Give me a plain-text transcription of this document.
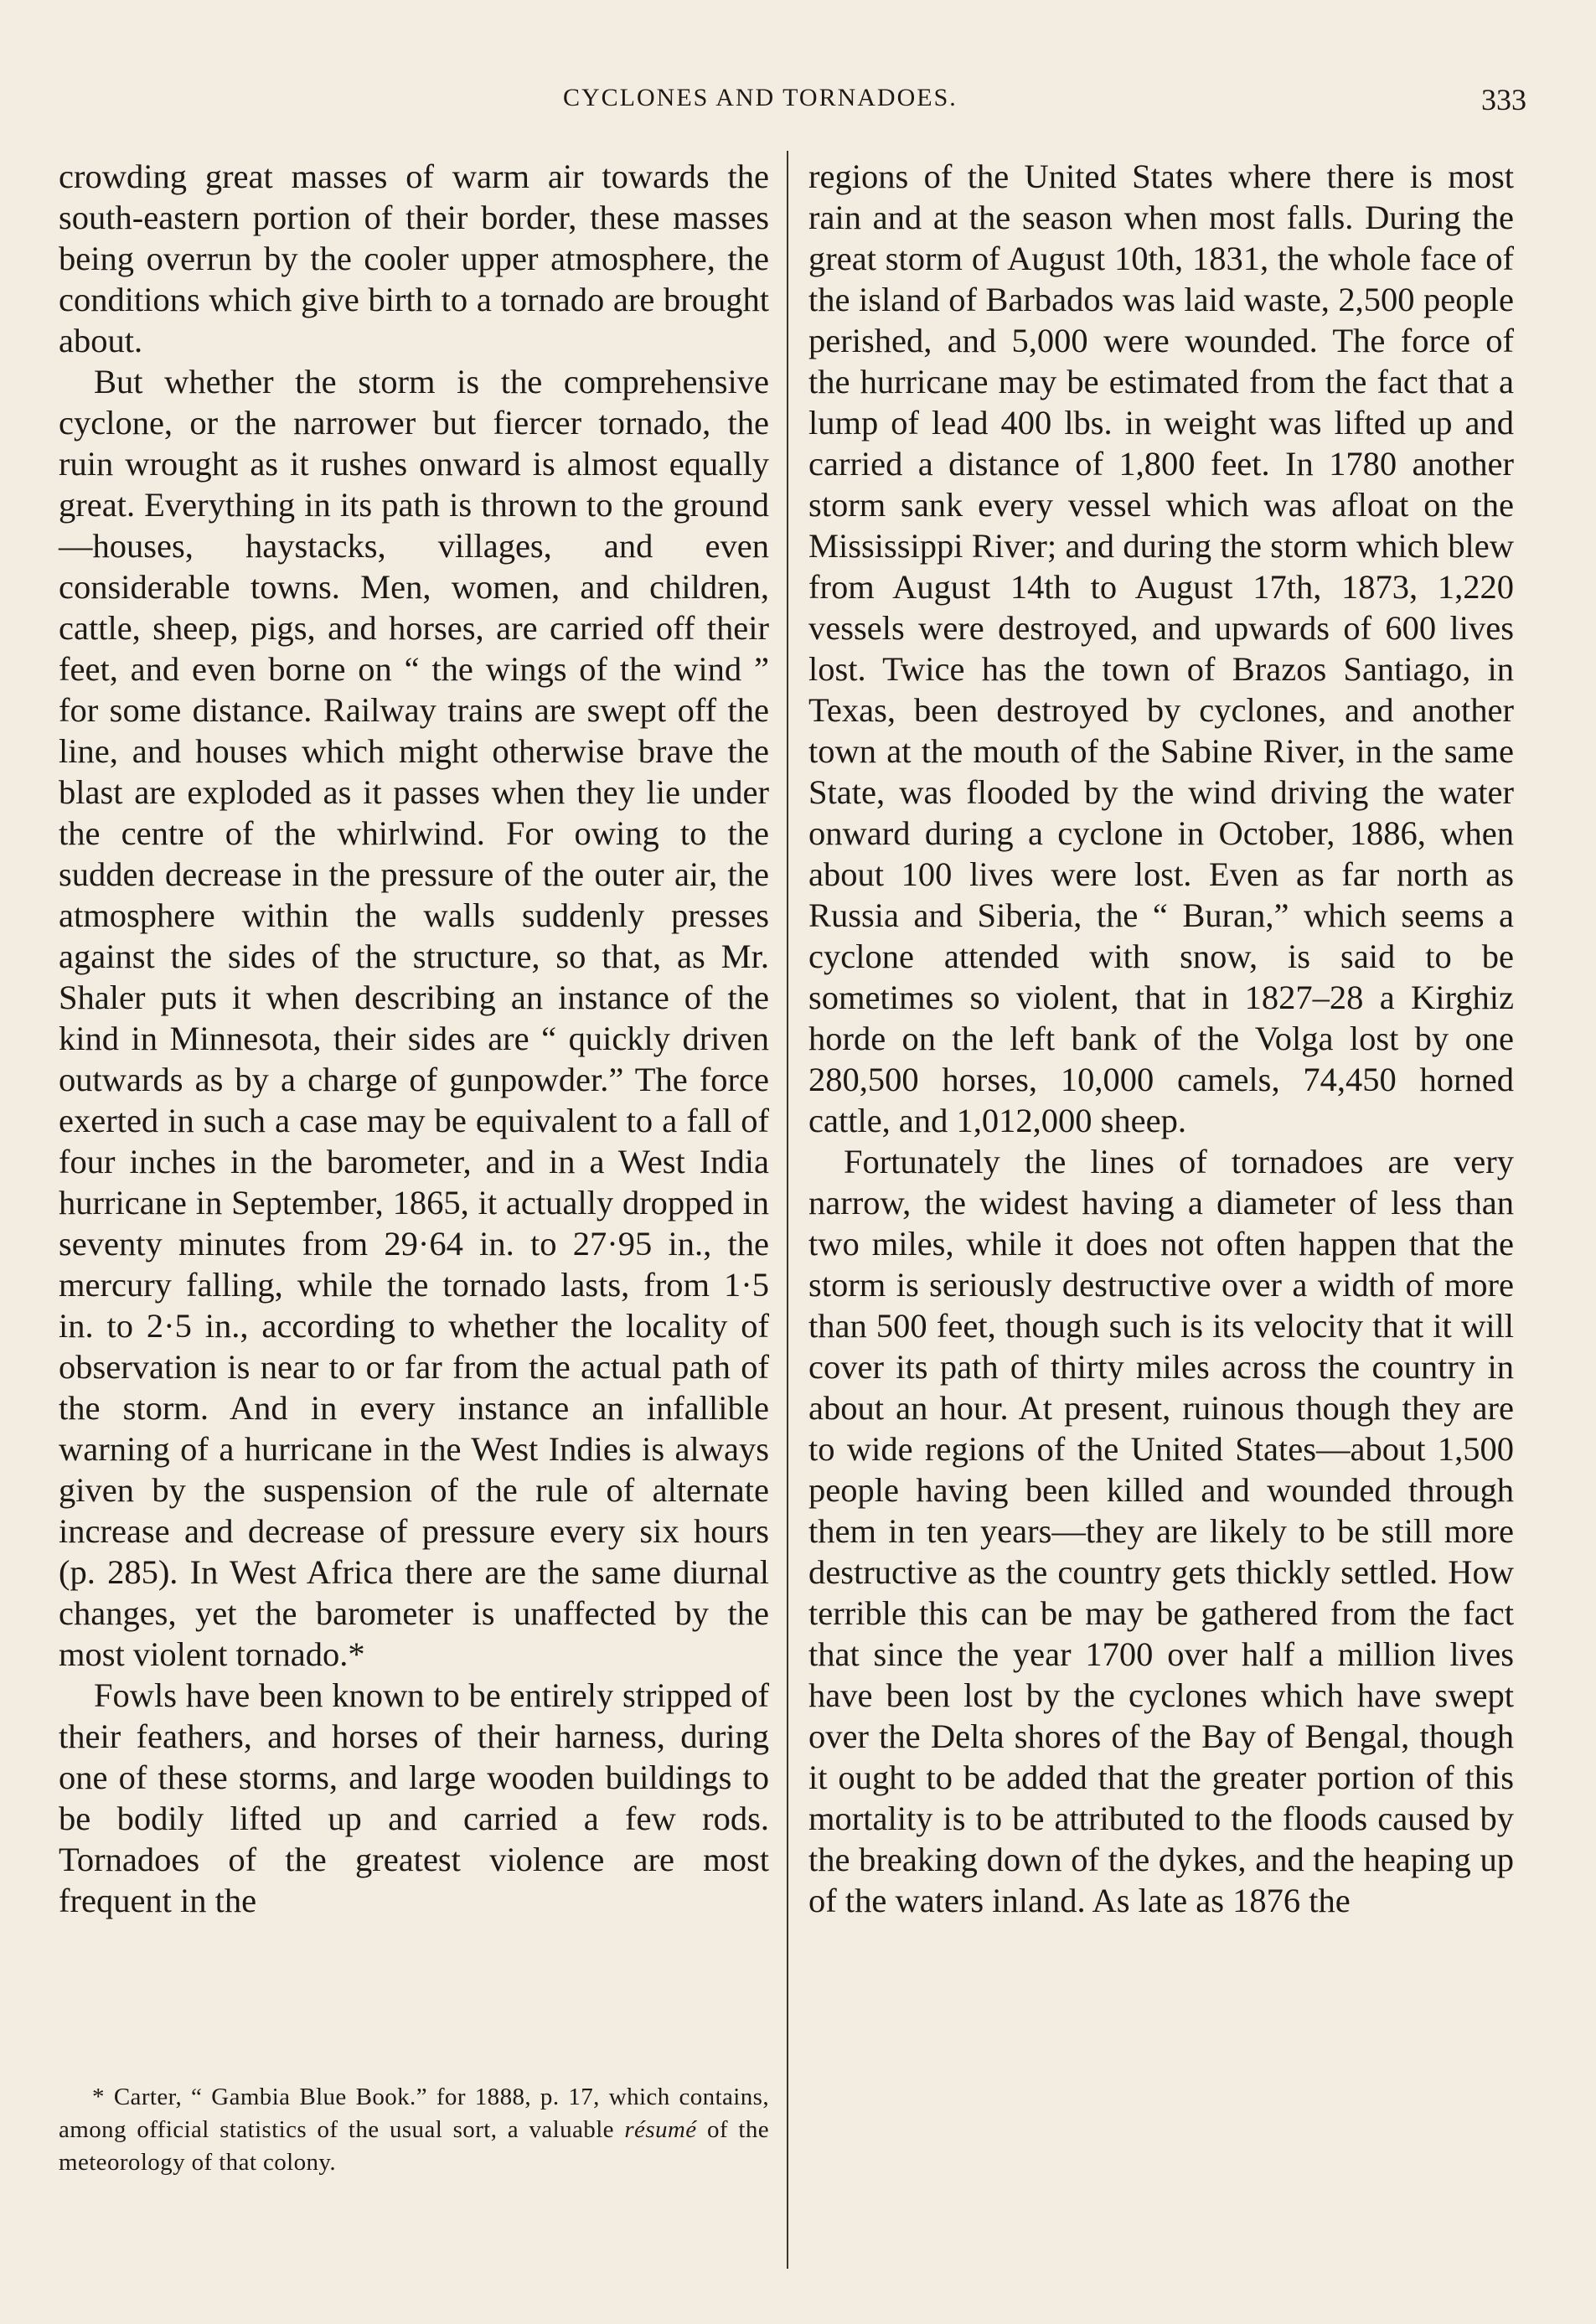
CYCLONES AND TORNADOES.	333

crowding great masses of warm air towards the south-eastern portion of their border, these masses being overrun by the cooler upper atmosphere, the conditions which give birth to a tornado are brought about.

But whether the storm is the comprehensive cyclone, or the narrower but fiercer tornado, the ruin wrought as it rushes onward is almost equally great. Everything in its path is thrown to the ground—houses, haystacks, villages, and even considerable towns. Men, women, and children, cattle, sheep, pigs, and horses, are carried off their feet, and even borne on “ the wings of the wind ” for some distance. Railway trains are swept off the line, and houses which might otherwise brave the blast are exploded as it passes when they lie under the centre of the whirlwind. For owing to the sudden decrease in the pressure of the outer air, the atmosphere within the walls suddenly presses against the sides of the structure, so that, as Mr. Shaler puts it when describing an instance of the kind in Minnesota, their sides are “ quickly driven outwards as by a charge of gunpowder.” The force exerted in such a case may be equivalent to a fall of four inches in the barometer, and in a West India hurricane in September, 1865, it actually dropped in seventy minutes from 29·64 in. to 27·95 in., the mercury falling, while the tornado lasts, from 1·5 in. to 2·5 in., according to whether the locality of observation is near to or far from the actual path of the storm. And in every instance an infallible warning of a hurricane in the West Indies is always given by the suspension of the rule of alternate increase and decrease of pressure every six hours (p. 285). In West Africa there are the same diurnal changes, yet the barometer is unaffected by the most violent tornado.*

Fowls have been known to be entirely stripped of their feathers, and horses of their harness, during one of these storms, and large wooden buildings to be bodily lifted up and carried a few rods. Tornadoes of the greatest violence are most frequent in the

regions of the United States where there is most rain and at the season when most falls. During the great storm of August 10th, 1831, the whole face of the island of Barbados was laid waste, 2,500 people perished, and 5,000 were wounded. The force of the hurricane may be estimated from the fact that a lump of lead 400 lbs. in weight was lifted up and carried a distance of 1,800 feet. In 1780 another storm sank every vessel which was afloat on the Mississippi River; and during the storm which blew from August 14th to August 17th, 1873, 1,220 vessels were destroyed, and upwards of 600 lives lost. Twice has the town of Brazos Santiago, in Texas, been destroyed by cyclones, and another town at the mouth of the Sabine River, in the same State, was flooded by the wind driving the water onward during a cyclone in October, 1886, when about 100 lives were lost. Even as far north as Russia and Siberia, the “ Buran,” which seems a cyclone attended with snow, is said to be sometimes so violent, that in 1827–28 a Kirghiz horde on the left bank of the Volga lost by one 280,500 horses, 10,000 camels, 74,450 horned cattle, and 1,012,000 sheep.

Fortunately the lines of tornadoes are very narrow, the widest having a diameter of less than two miles, while it does not often happen that the storm is seriously destructive over a width of more than 500 feet, though such is its velocity that it will cover its path of thirty miles across the country in about an hour. At present, ruinous though they are to wide regions of the United States—about 1,500 people having been killed and wounded through them in ten years—they are likely to be still more destructive as the country gets thickly settled. How terrible this can be may be gathered from the fact that since the year 1700 over half a million lives have been lost by the cyclones which have swept over the Delta shores of the Bay of Bengal, though it ought to be added that the greater portion of this mortality is to be attributed to the floods caused by the breaking down of the dykes, and the heaping up of the waters inland. As late as 1876 the

* Carter, “ Gambia Blue Book.” for 1888, p. 17, which contains, among official statistics of the usual sort, a valuable résumé of the meteorology of that colony.
